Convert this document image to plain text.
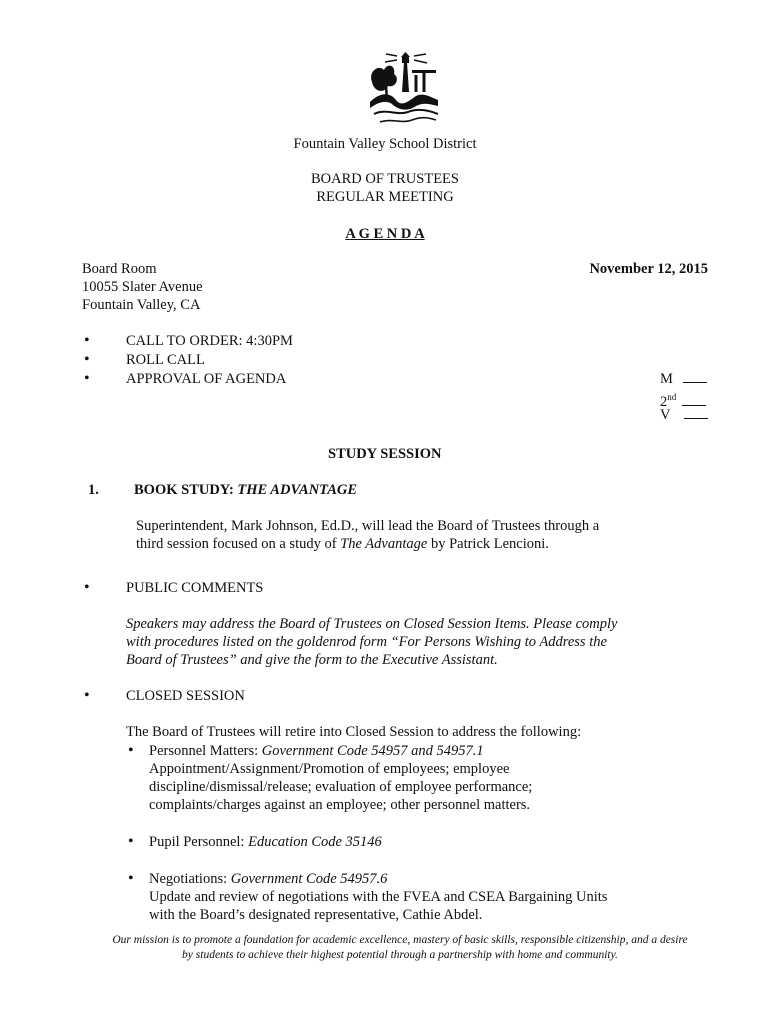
Fountain Valley School District
BOARD OF TRUSTEES
REGULAR MEETING
A G E N D A
Board Room
10055 Slater Avenue
Fountain Valley, CA
November 12, 2015
•	CALL TO ORDER: 4:30PM
•	ROLL CALL
•	APPROVAL OF AGENDA	M
2nd
V
STUDY SESSION
1. BOOK STUDY: THE ADVANTAGE
Superintendent, Mark Johnson, Ed.D., will lead the Board of Trustees through a
third session focused on a study of The Advantage by Patrick Lencioni.
•	PUBLIC COMMENTS
Speakers may address the Board of Trustees on Closed Session Items. Please comply
with procedures listed on the goldenrod form “For Persons Wishing to Address the
Board of Trustees” and give the form to the Executive Assistant.
•	CLOSED SESSION
The Board of Trustees will retire into Closed Session to address the following:
• Personnel Matters: Government Code 54957 and 54957.1
Appointment/Assignment/Promotion of employees; employee
discipline/dismissal/release; evaluation of employee performance;
complaints/charges against an employee; other personnel matters.
• Pupil Personnel: Education Code 35146
• Negotiations: Government Code 54957.6
Update and review of negotiations with the FVEA and CSEA Bargaining Units
with the Board’s designated representative, Cathie Abdel.
Our mission is to promote a foundation for academic excellence, mastery of basic skills, responsible citizenship, and a desire
by students to achieve their highest potential through a partnership with home and community.
